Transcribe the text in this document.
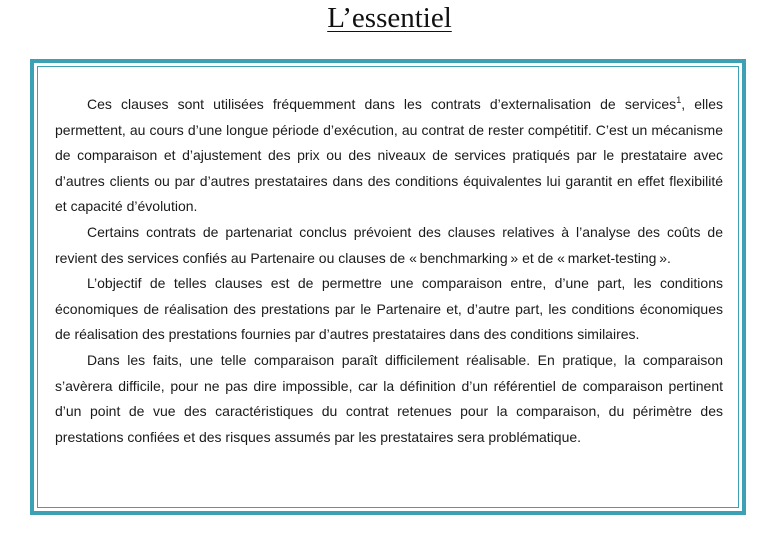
L’essentiel

Ces clauses sont utilisées fréquemment dans les contrats d’externalisation de services$^1$, elles permettent, au cours d’une longue période d’exécution, au contrat de rester compétitif. C’est un mécanisme de comparaison et d’ajustement des prix ou des niveaux de services pratiqués par le prestataire avec d’autres clients ou par d’autres prestataires dans des conditions équivalentes lui garantit en effet flexibilité et capacité d’évolution.

Certains contrats de partenariat conclus prévoient des clauses relatives à l’analyse des coûts de revient des services confiés au Partenaire ou clauses de « benchmarking » et de « market-testing ».

L’objectif de telles clauses est de permettre une comparaison entre, d’une part, les conditions économiques de réalisation des prestations par le Partenaire et, d’autre part, les conditions économiques de réalisation des prestations fournies par d’autres prestataires dans des conditions similaires.

Dans les faits, une telle comparaison paraît difficilement réalisable. En pratique, la comparaison s’avèrera difficile, pour ne pas dire impossible, car la définition d’un référentiel de comparaison pertinent d’un point de vue des caractéristiques du contrat retenues pour la comparaison, du périmètre des prestations confiées et des risques assumés par les prestataires sera problématique.
